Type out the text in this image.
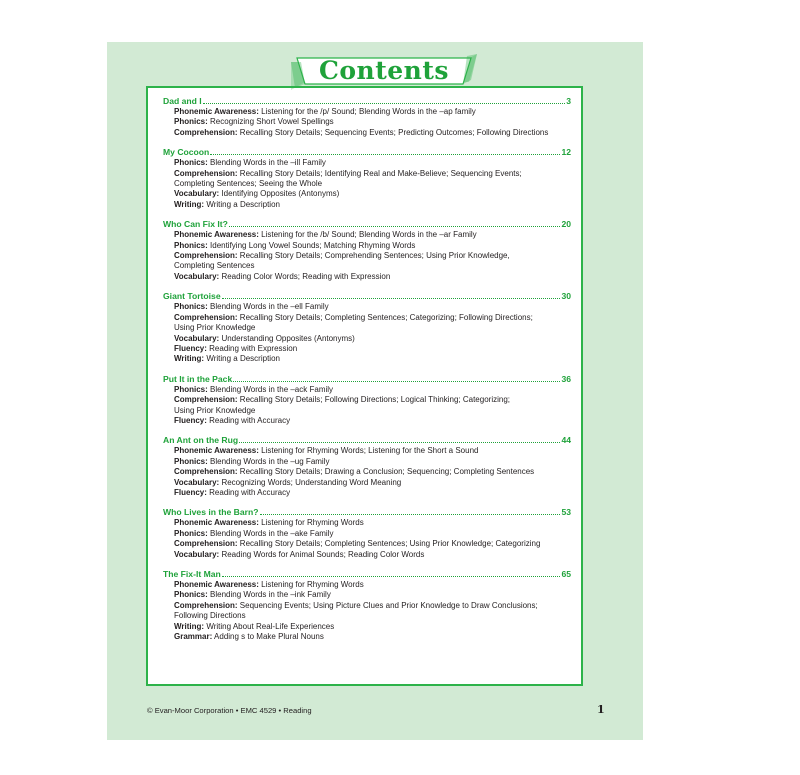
Contents
Dad and I	3
Phonemic Awareness: Listening for the /p/ Sound; Blending Words in the –ap family
Phonics: Recognizing Short Vowel Spellings
Comprehension: Recalling Story Details; Sequencing Events; Predicting Outcomes; Following Directions
My Cocoon	12
Phonics: Blending Words in the –ill Family
Comprehension: Recalling Story Details; Identifying Real and Make-Believe; Sequencing Events;
Completing Sentences; Seeing the Whole
Vocabulary: Identifying Opposites (Antonyms)
Writing: Writing a Description
Who Can Fix It?	20
Phonemic Awareness: Listening for the /b/ Sound; Blending Words in the –ar Family
Phonics: Identifying Long Vowel Sounds; Matching Rhyming Words
Comprehension: Recalling Story Details; Comprehending Sentences; Using Prior Knowledge,
Completing Sentences
Vocabulary: Reading Color Words; Reading with Expression
Giant Tortoise	30
Phonics: Blending Words in the –ell Family
Comprehension: Recalling Story Details; Completing Sentences; Categorizing; Following Directions;
Using Prior Knowledge
Vocabulary: Understanding Opposites (Antonyms)
Fluency: Reading with Expression
Writing: Writing a Description
Put It in the Pack	36
Phonics: Blending Words in the –ack Family
Comprehension: Recalling Story Details; Following Directions; Logical Thinking; Categorizing;
Using Prior Knowledge
Fluency: Reading with Accuracy
An Ant on the Rug	44
Phonemic Awareness: Listening for Rhyming Words; Listening for the Short a Sound
Phonics: Blending Words in the –ug Family
Comprehension: Recalling Story Details; Drawing a Conclusion; Sequencing; Completing Sentences
Vocabulary: Recognizing Words; Understanding Word Meaning
Fluency: Reading with Accuracy
Who Lives in the Barn?	53
Phonemic Awareness: Listening for Rhyming Words
Phonics: Blending Words in the –ake Family
Comprehension: Recalling Story Details; Completing Sentences; Using Prior Knowledge; Categorizing
Vocabulary: Reading Words for Animal Sounds; Reading Color Words
The Fix-It Man	65
Phonemic Awareness: Listening for Rhyming Words
Phonics: Blending Words in the –ink Family
Comprehension: Sequencing Events; Using Picture Clues and Prior Knowledge to Draw Conclusions;
Following Directions
Writing: Writing About Real-Life Experiences
Grammar: Adding s to Make Plural Nouns
© Evan-Moor Corporation • EMC 4529 • Reading	1
